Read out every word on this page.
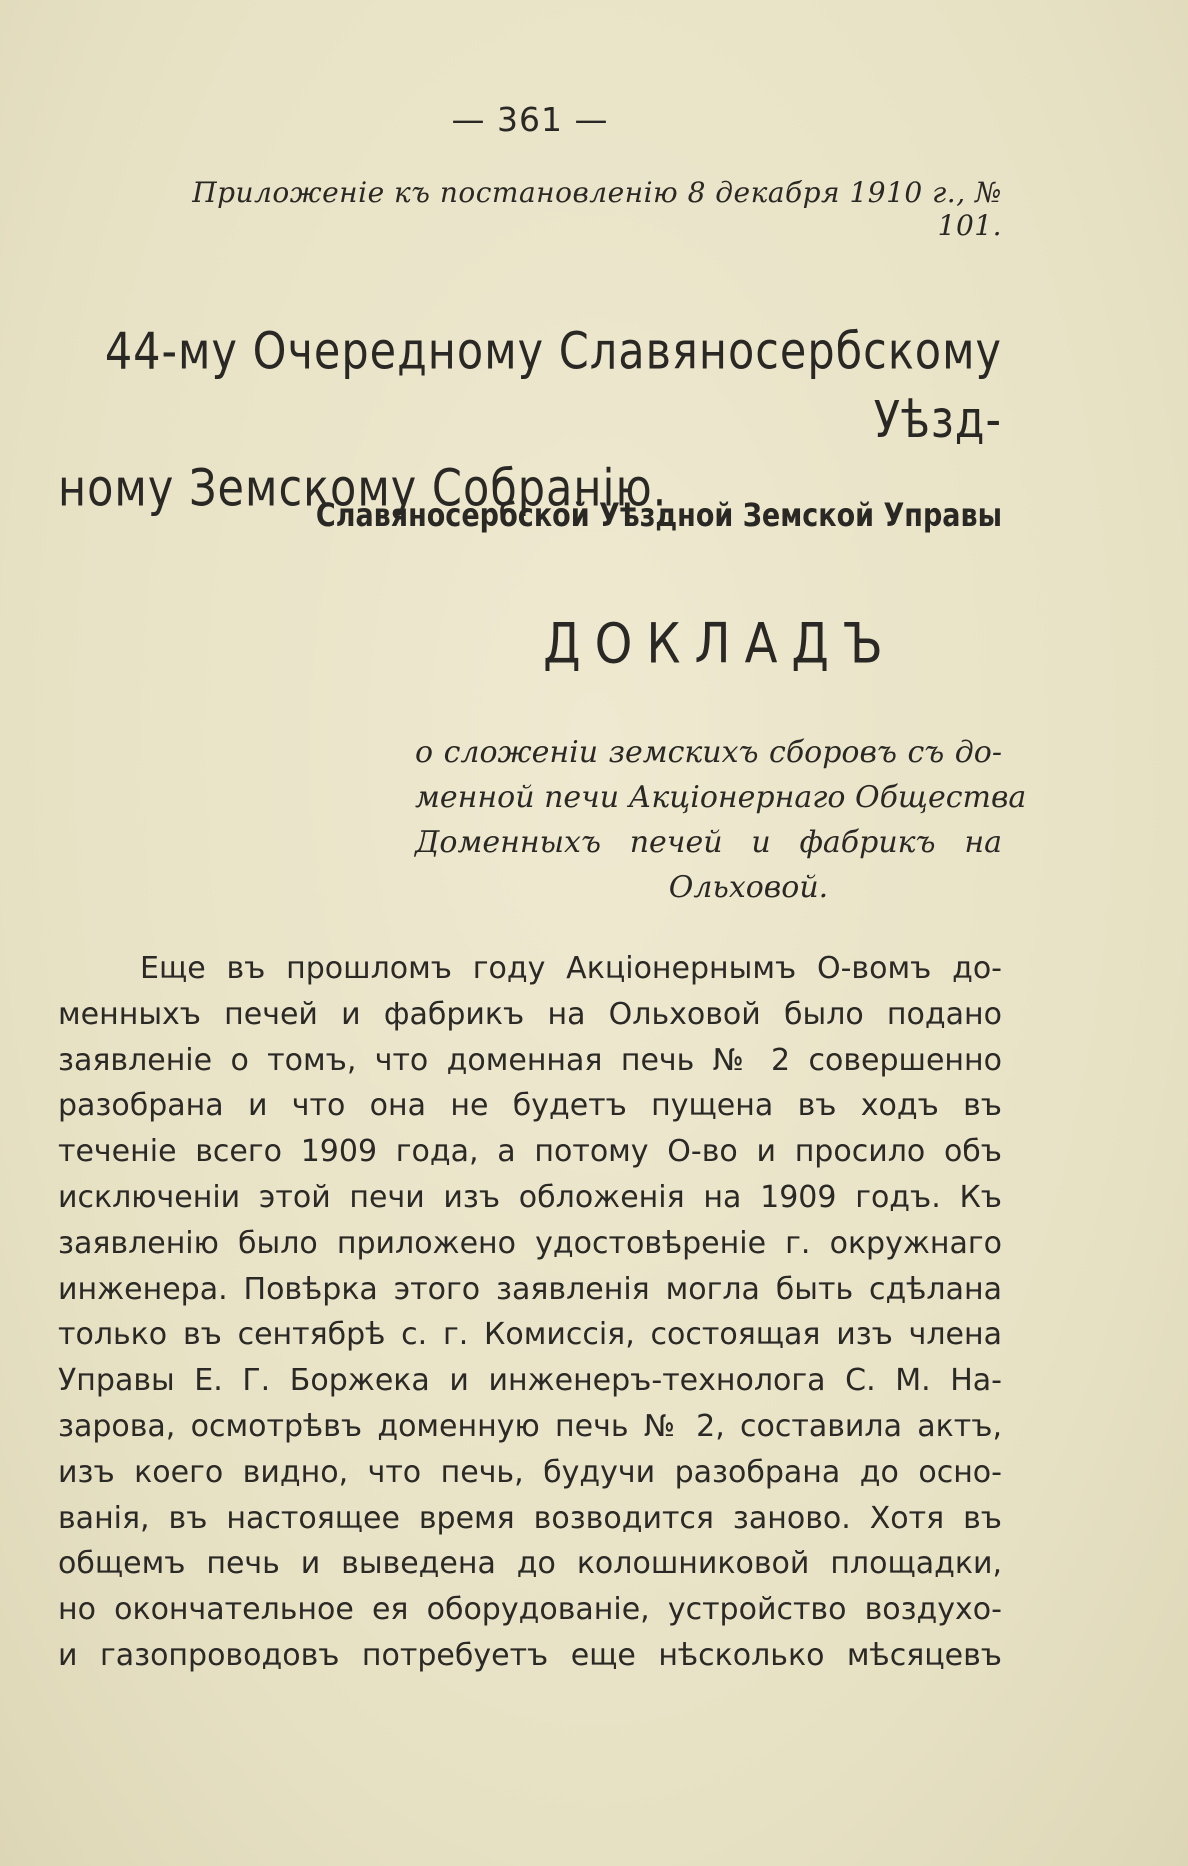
— 361 —
Приложеніе къ постановленію 8 декабря 1910 г., № 101.
44-му Очередному Славяносербскому Уѣзд-
ному Земскому Собранію.
Славяносербской Уѣздной Земской Управы
ДОКЛАДЪ
о сложеніи земскихъ сборовъ съ до-
менной печи Акціонернаго Общества
Доменныхъ печей и фабрикъ на
Ольховой.
Еще въ прошломъ году Акціонернымъ О-вомъ до-
менныхъ печей и фабрикъ на Ольховой было подано
заявленіе о томъ, что доменная печь № 2 совершенно
разобрана и что она не будетъ пущена въ ходъ въ
теченіе всего 1909 года, а потому О-во и просило объ
исключеніи этой печи изъ обложенія на 1909 годъ. Къ
заявленію было приложено удостовѣреніе г. окружнаго
инженера. Повѣрка этого заявленія могла быть сдѣлана
только въ сентябрѣ с. г. Комиссія, состоящая изъ члена
Управы Е. Г. Боржека и инженеръ-технолога С. М. На-
зарова, осмотрѣвъ доменную печь № 2, составила актъ,
изъ коего видно, что печь, будучи разобрана до осно-
ванія, въ настоящее время возводится заново. Хотя въ
общемъ печь и выведена до колошниковой площадки,
но окончательное ея оборудованіе, устройство воздухо-
и газопроводовъ потребуетъ еще нѣсколько мѣсяцевъ
